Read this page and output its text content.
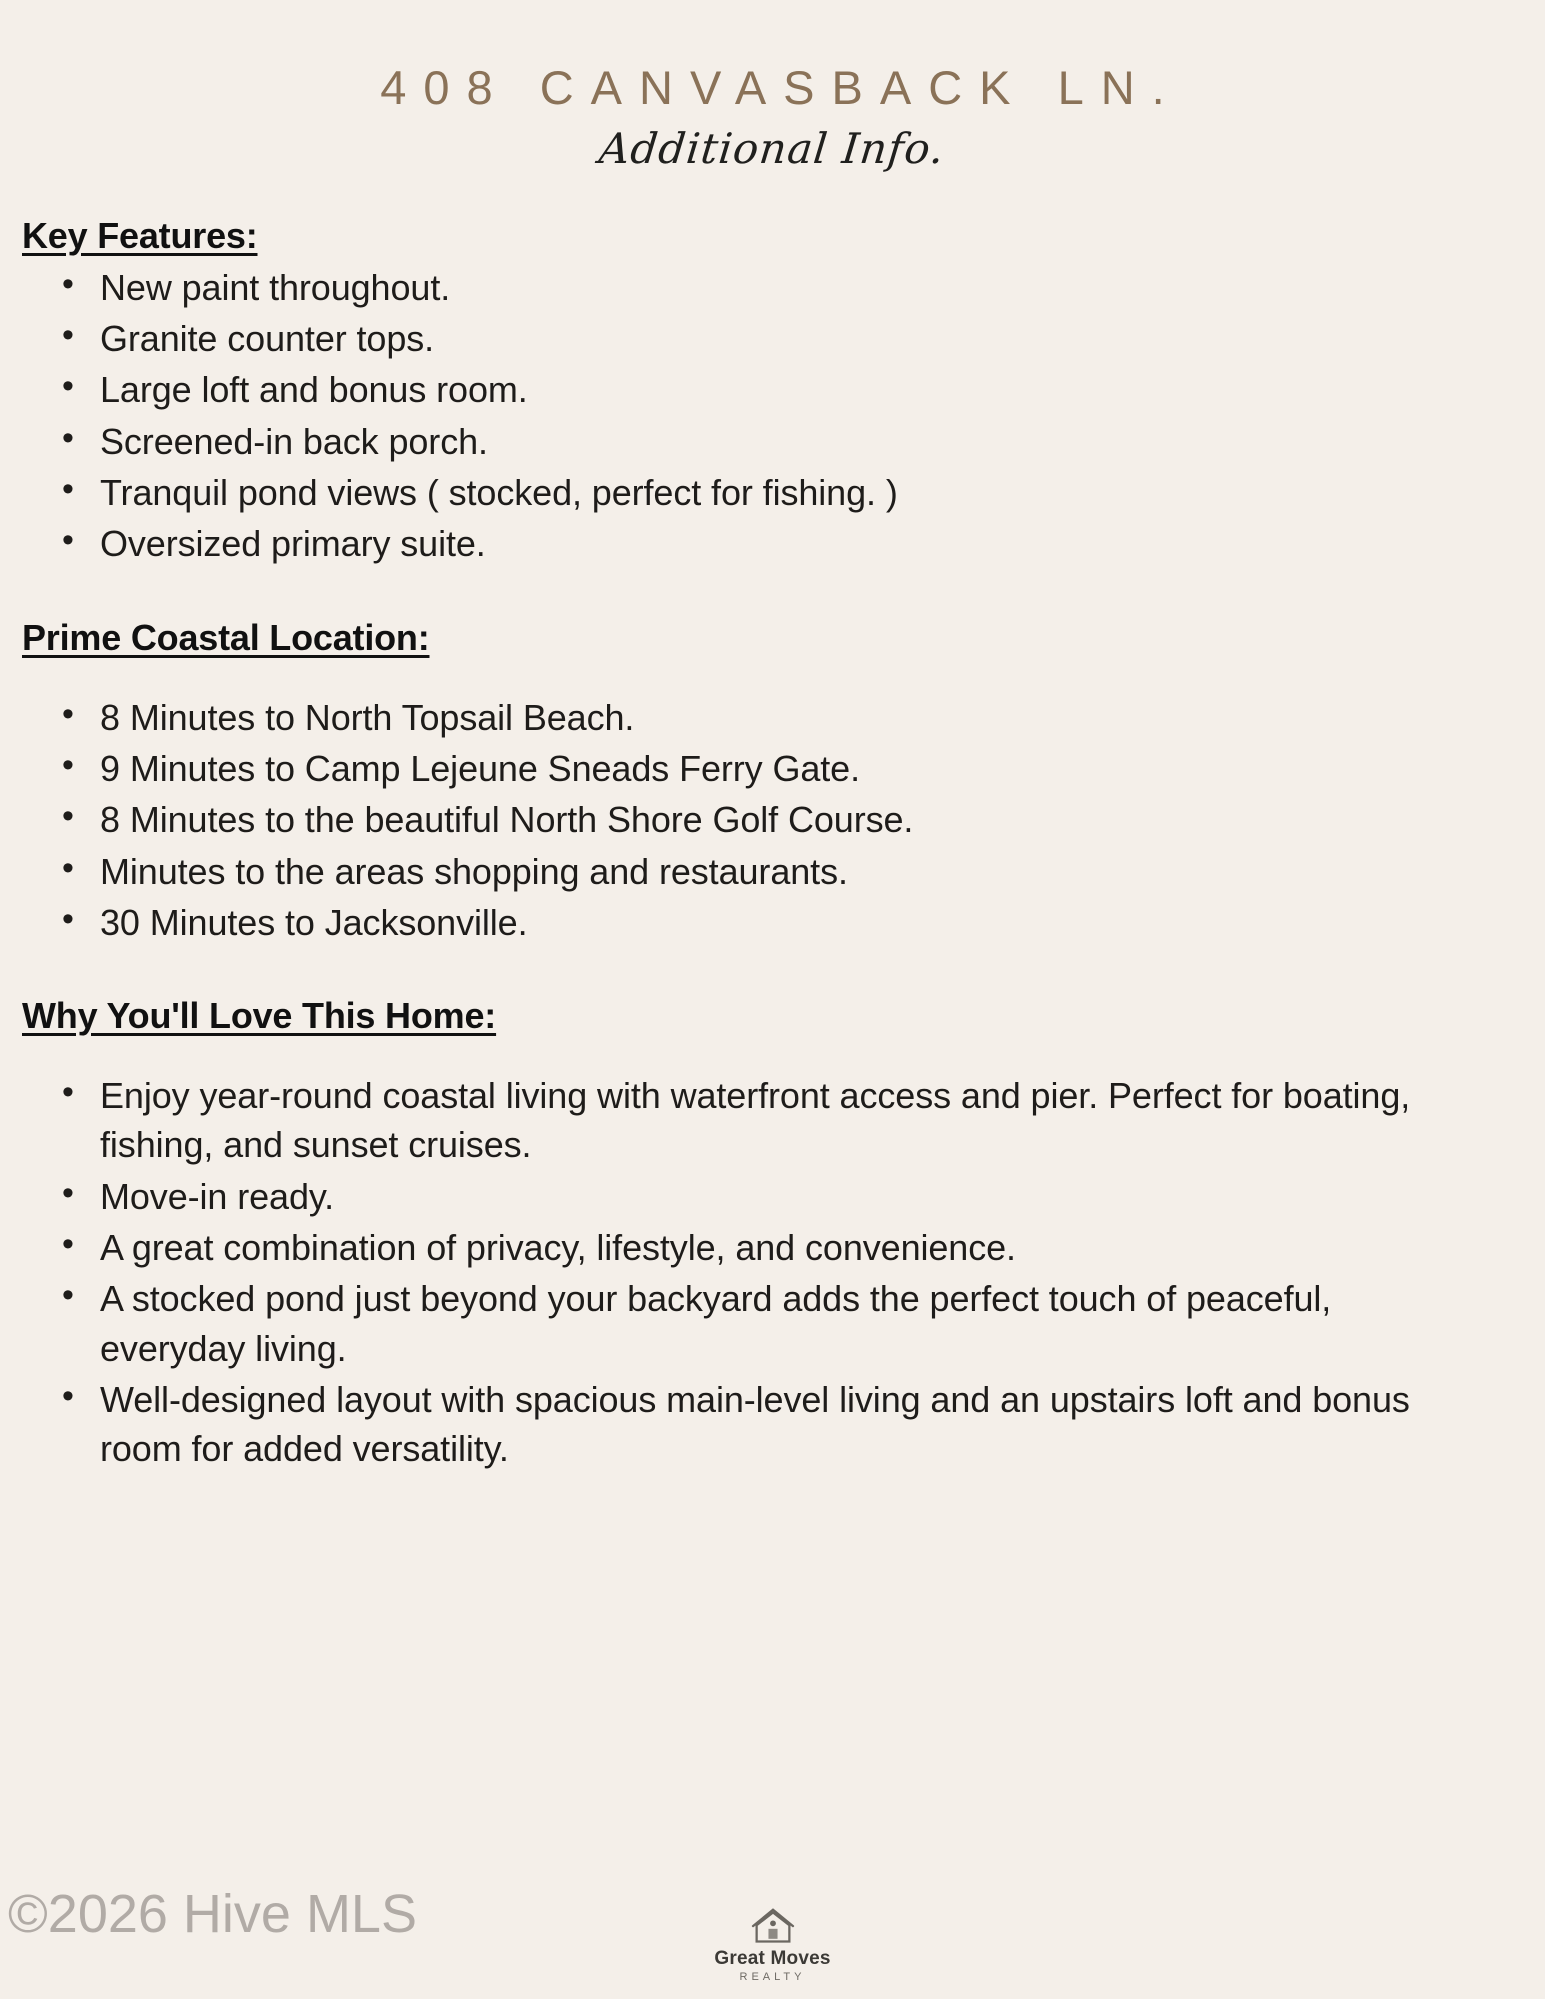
408 CANVASBACK LN.
Additional Info.
Key Features:
• New paint throughout.
• Granite counter tops.
• Large loft and bonus room.
• Screened-in back porch.
• Tranquil pond views ( stocked, perfect for fishing. )
• Oversized primary suite.
Prime Coastal Location:
• 8 Minutes to North Topsail Beach.
• 9 Minutes to Camp Lejeune Sneads Ferry Gate.
• 8 Minutes to the beautiful North Shore Golf Course.
• Minutes to the areas shopping and restaurants.
• 30 Minutes to Jacksonville.
Why You'll Love This Home:
• Enjoy year-round coastal living with waterfront access and pier. Perfect for boating, fishing, and sunset cruises.
• Move-in ready.
• A great combination of privacy, lifestyle, and convenience.
• A stocked pond just beyond your backyard adds the perfect touch of peaceful, everyday living.
• Well-designed layout with spacious main-level living and an upstairs loft and bonus room for added versatility.
©2026 Hive MLS
Great Moves
REALTY
